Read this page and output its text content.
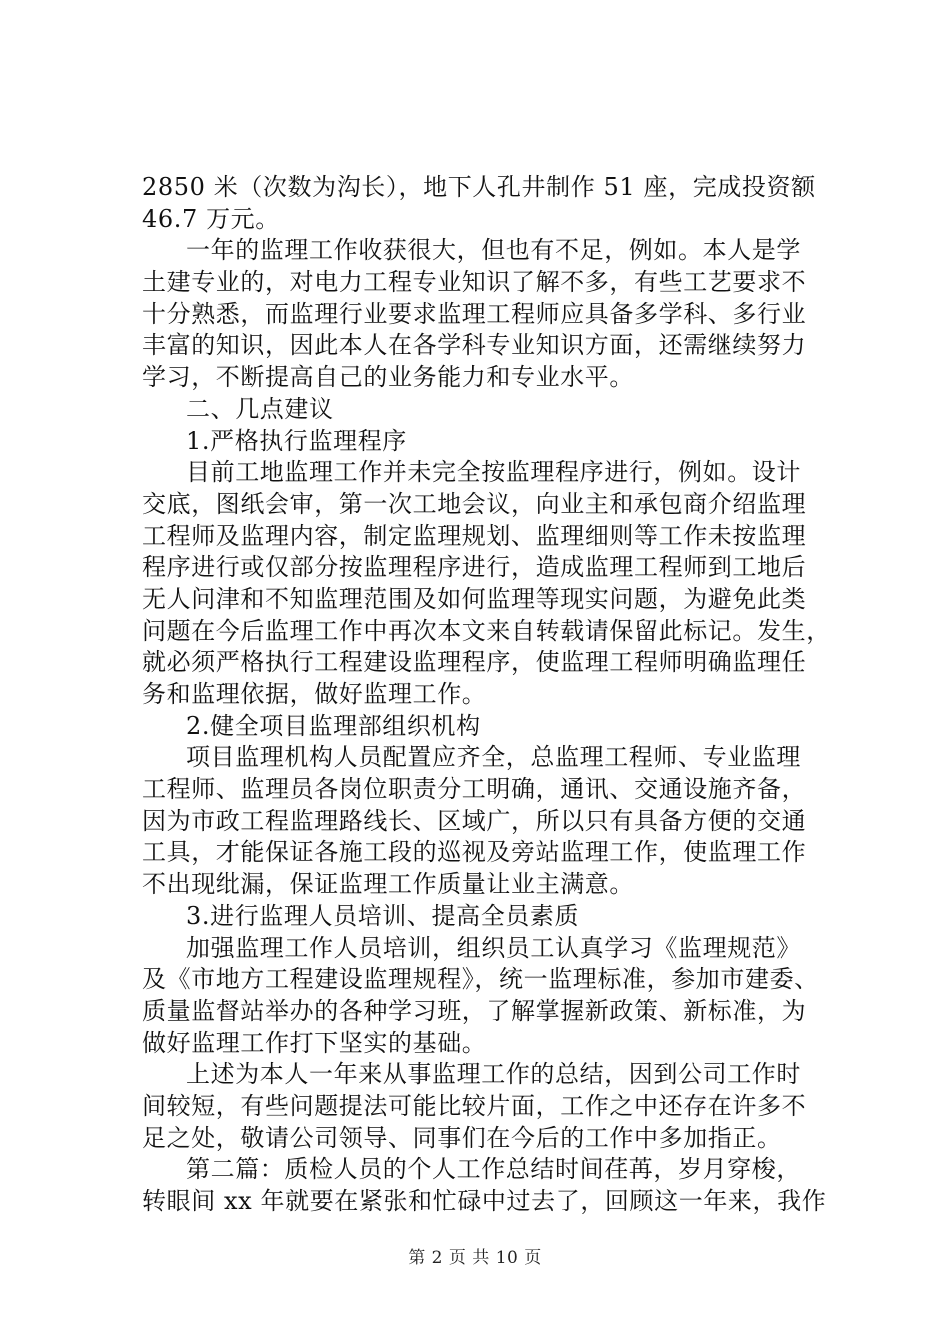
2850 米（次数为沟长），地下人孔井制作 51 座，完成投资额
46.7 万元。
一年的监理工作收获很大，但也有不足，例如。本人是学
土建专业的，对电力工程专业知识了解不多，有些工艺要求不
十分熟悉，而监理行业要求监理工程师应具备多学科、多行业
丰富的知识，因此本人在各学科专业知识方面，还需继续努力
学习，不断提高自己的业务能力和专业水平。
二、几点建议
1.严格执行监理程序
目前工地监理工作并未完全按监理程序进行，例如。设计
交底，图纸会审，第一次工地会议，向业主和承包商介绍监理
工程师及监理内容，制定监理规划、监理细则等工作未按监理
程序进行或仅部分按监理程序进行，造成监理工程师到工地后
无人问津和不知监理范围及如何监理等现实问题，为避免此类
问题在今后监理工作中再次本文来自转载请保留此标记。发生，
就必须严格执行工程建设监理程序，使监理工程师明确监理任
务和监理依据，做好监理工作。
2.健全项目监理部组织机构
项目监理机构人员配置应齐全，总监理工程师、专业监理
工程师、监理员各岗位职责分工明确，通讯、交通设施齐备，
因为市政工程监理路线长、区域广，所以只有具备方便的交通
工具，才能保证各施工段的巡视及旁站监理工作，使监理工作
不出现纰漏，保证监理工作质量让业主满意。
3.进行监理人员培训、提高全员素质
加强监理工作人员培训，组织员工认真学习《监理规范》
及《市地方工程建设监理规程》，统一监理标准，参加市建委、
质量监督站举办的各种学习班，了解掌握新政策、新标准，为
做好监理工作打下坚实的基础。
上述为本人一年来从事监理工作的总结，因到公司工作时
间较短，有些问题提法可能比较片面，工作之中还存在许多不
足之处，敬请公司领导、同事们在今后的工作中多加指正。
第二篇：质检人员的个人工作总结时间荏苒，岁月穿梭，
转眼间 xx 年就要在紧张和忙碌中过去了，回顾这一年来，我作
第 2 页 共 10 页
